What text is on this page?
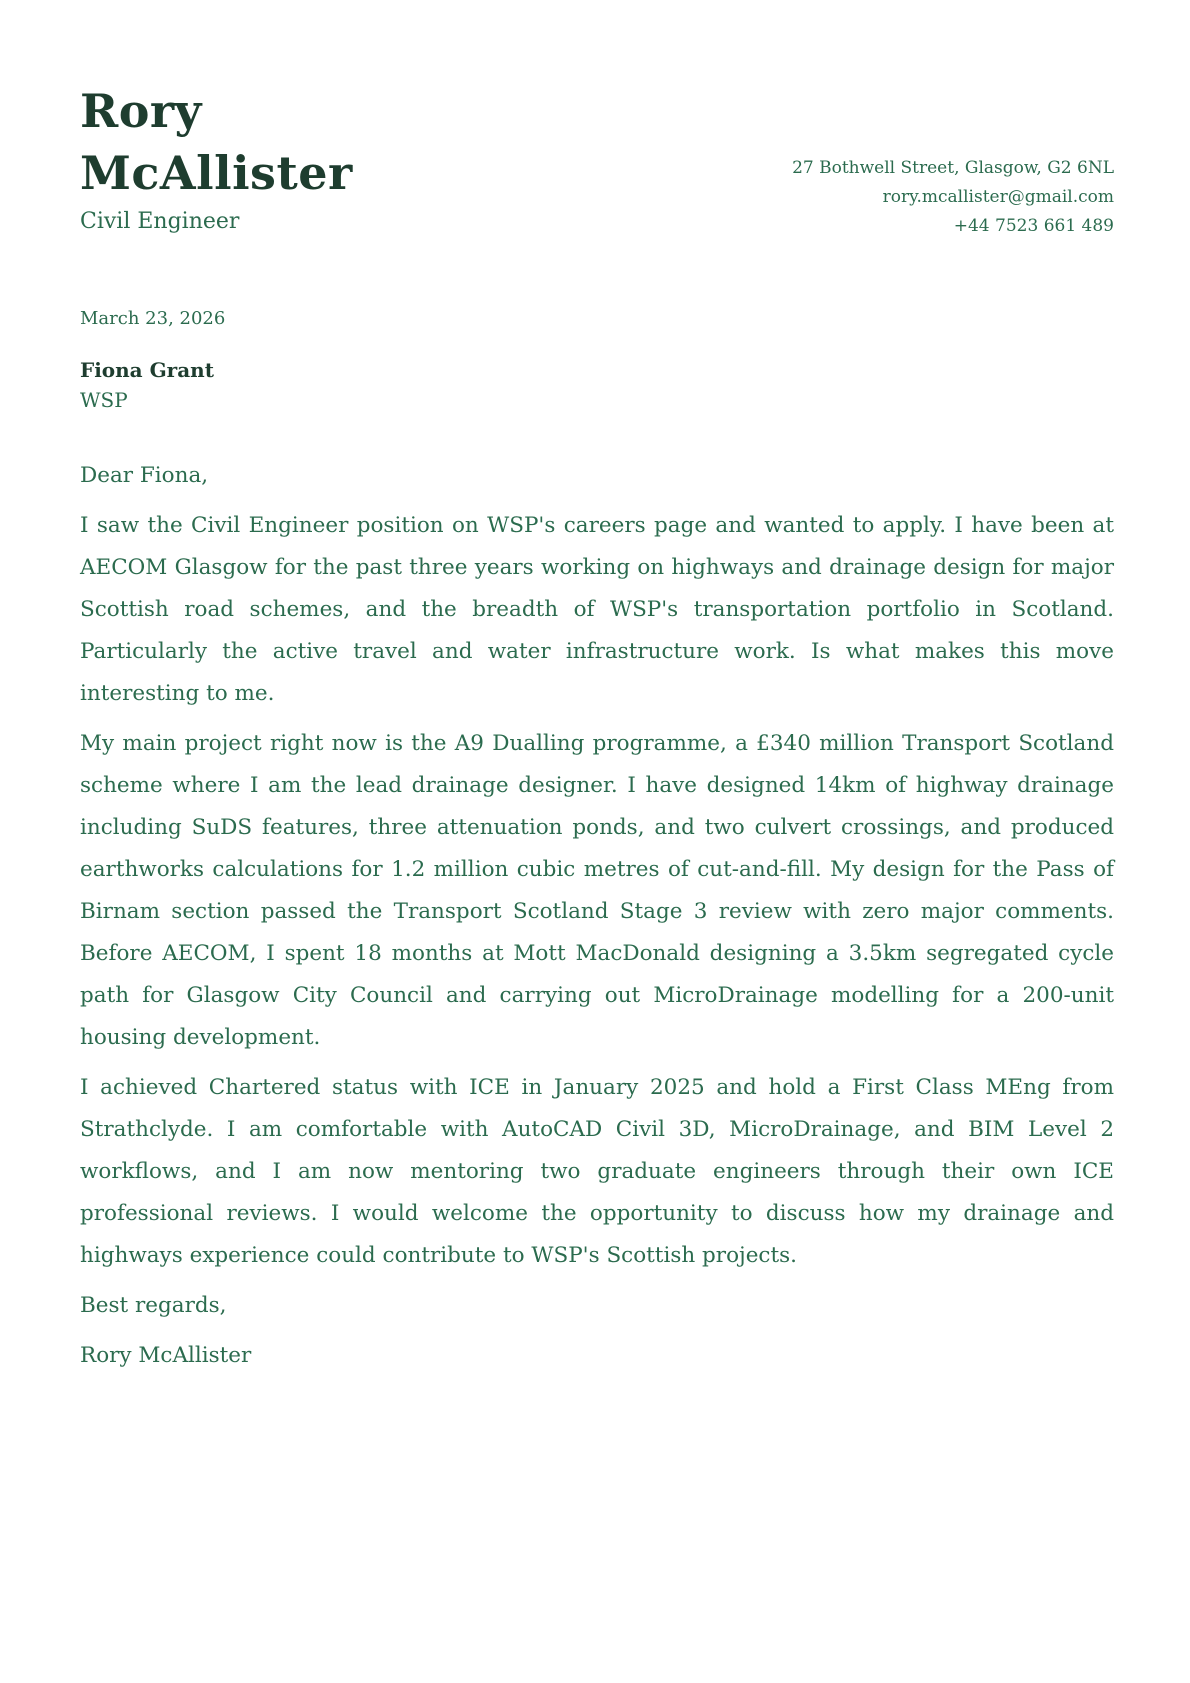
Rory
McAllister
Civil Engineer
27 Bothwell Street, Glasgow, G2 6NL
rory.mcallister@gmail.com
+44 7523 661 489
March 23, 2026
Fiona Grant
WSP

Dear Fiona,

I saw the Civil Engineer position on WSP's careers page and wanted to apply. I have been at AECOM Glasgow for the past three years working on highways and drainage design for major Scottish road schemes, and the breadth of WSP's transportation portfolio in Scotland. Particularly the active travel and water infrastructure work. Is what makes this move interesting to me.

My main project right now is the A9 Dualling programme, a £340 million Transport Scotland scheme where I am the lead drainage designer. I have designed 14km of highway drainage including SuDS features, three attenuation ponds, and two culvert crossings, and produced earthworks calculations for 1.2 million cubic metres of cut-and-fill. My design for the Pass of Birnam section passed the Transport Scotland Stage 3 review with zero major comments. Before AECOM, I spent 18 months at Mott MacDonald designing a 3.5km segregated cycle path for Glasgow City Council and carrying out MicroDrainage modelling for a 200-unit housing development.

I achieved Chartered status with ICE in January 2025 and hold a First Class MEng from Strathclyde. I am comfortable with AutoCAD Civil 3D, MicroDrainage, and BIM Level 2 workflows, and I am now mentoring two graduate engineers through their own ICE professional reviews. I would welcome the opportunity to discuss how my drainage and highways experience could contribute to WSP's Scottish projects.

Best regards,

Rory McAllister
